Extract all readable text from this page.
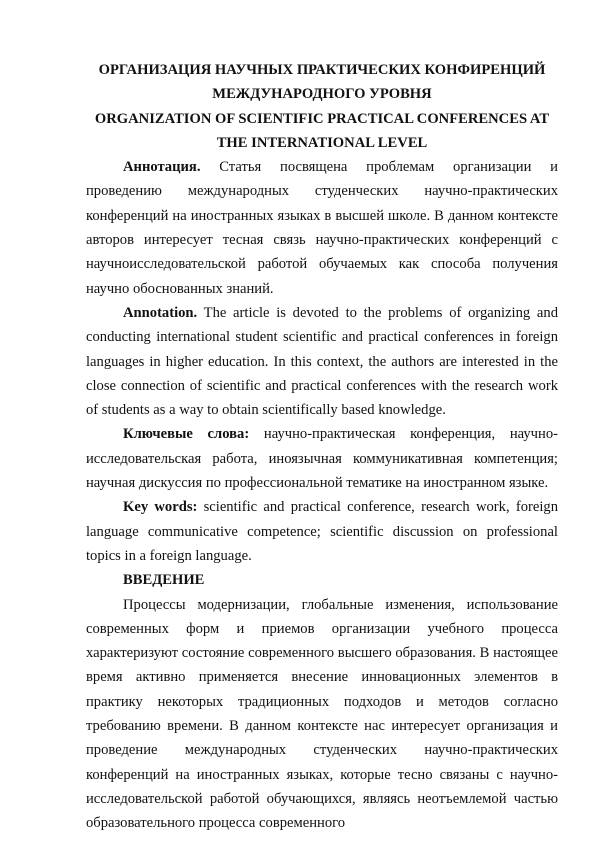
ОРГАНИЗАЦИЯ НАУЧНЫХ ПРАКТИЧЕСКИХ КОНФИРЕНЦИЙ

МЕЖДУНАРОДНОГО УРОВНЯ

ORGANIZATION OF SCIENTIFIC PRACTICAL CONFERENCES AT

THE INTERNATIONAL LEVEL

Аннотация. Статья посвящена проблемам организации и проведению международных студенческих научно-практических конференций на иностранных языках в высшей школе. В данном контексте авторов интересует тесная связь научно-практических конференций с научноисследовательской работой обучаемых как способа получения научно обоснованных знаний.

Annotation. The article is devoted to the problems of organizing and conducting international student scientific and practical conferences in foreign languages in higher education. In this context, the authors are interested in the close connection of scientific and practical conferences with the research work of students as a way to obtain scientifically based knowledge.

Ключевые слова: научно-практическая конференция, научно-исследовательская работа, иноязычная коммуникативная компетенция; научная дискуссия по профессиональной тематике на иностранном языке.

Key words: scientific and practical conference, research work, foreign language communicative competence; scientific discussion on professional topics in a foreign language.

ВВЕДЕНИЕ

Процессы модернизации, глобальные изменения, использование современных форм и приемов организации учебного процесса характеризуют состояние современного высшего образования. В настоящее время активно применяется внесение инновационных элементов в практику некоторых традиционных подходов и методов согласно требованию времени. В данном контексте нас интересует организация и проведение международных студенческих научно-практических конференций на иностранных языках, которые тесно связаны с научно-исследовательской работой обучающихся, являясь неотъемлемой частью образовательного процесса современного
